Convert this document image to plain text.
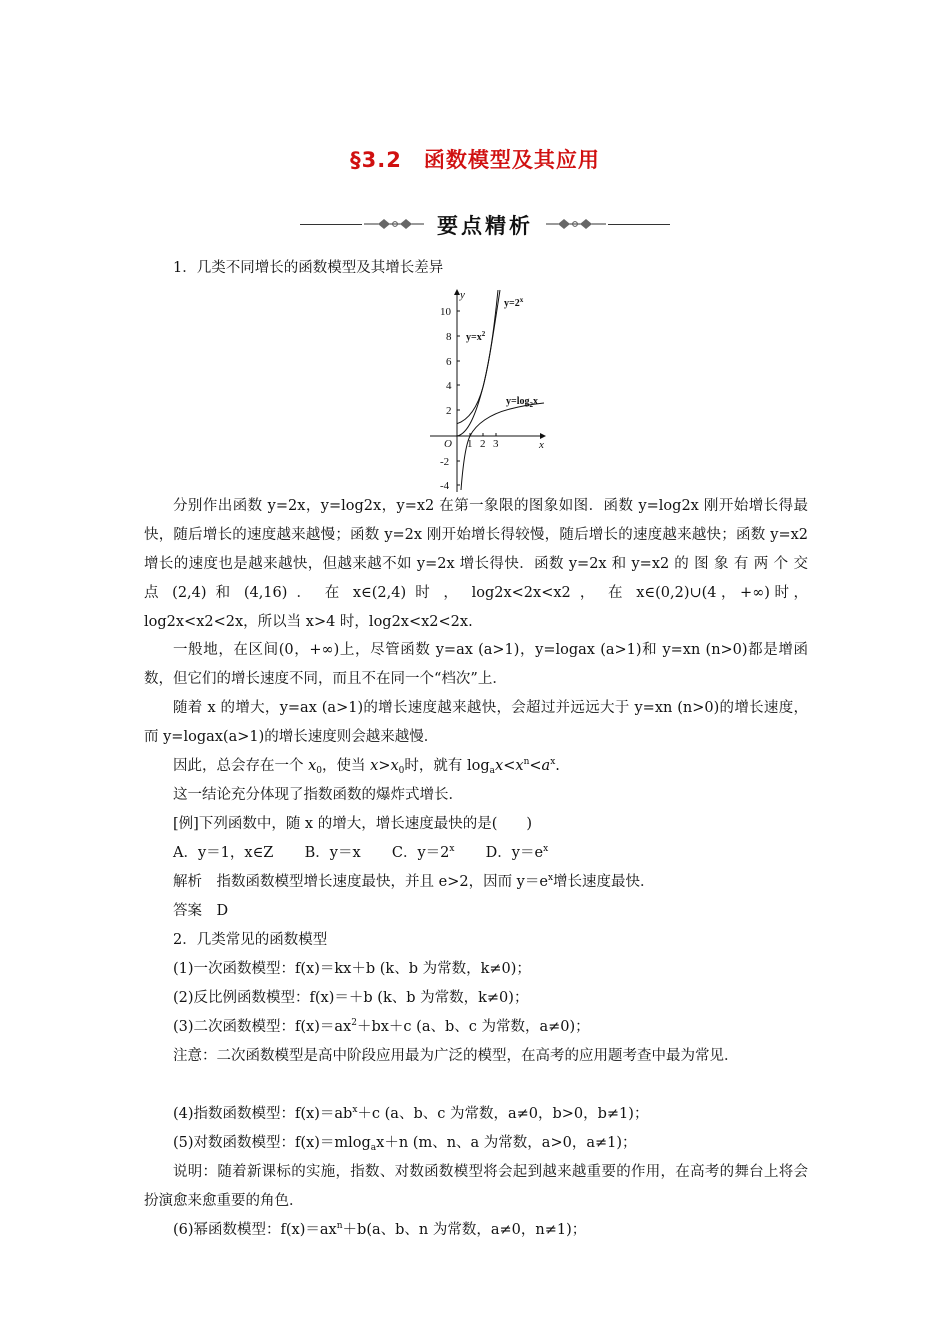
§3.2　函数模型及其应用
要点精析
1．几类不同增长的函数模型及其增长差异
y
x
O
10
8
6
4
2
-2
-4
1 2 3
$y=2^x$
$y=x^2$
$y=\log_2x$
分别作出函数 y=2x，y=log2x，y=x2 在第一象限的图象如图．函数 y=log2x 刚开始增长得最快，随后增长的速度越来越慢；函数 y=2x 刚开始增长得较慢，随后增长的速度越来越快；函数 y=x2 增长的速度也是越来越快，但越来越不如 y=2x 增长得快．函数 y=2x 和 y=x2 的 图 象 有 两 个 交 点 (2,4) 和 (4,16) ． 在 x∈(2,4) 时 ， log2x<2x<x2 ， 在 x∈(0,2)∪(4，+∞)时，log2x<x2<2x，所以当 x>4 时，log2x<x2<2x.
一般地，在区间(0，+∞)上，尽管函数 y=ax (a>1)，y=logax (a>1)和 y=xn (n>0)都是增函数，但它们的增长速度不同，而且不在同一个“档次”上．
随着 x 的增大，y=ax (a>1)的增长速度越来越快，会超过并远远大于 y=xn (n>0)的增长速度，而 y=logax(a>1)的增长速度则会越来越慢．
因此，总会存在一个 $x_0$，使当 $x>x_0$时，就有 $\log_ax<x^n<a^x$.
这一结论充分体现了指数函数的爆炸式增长．
[例]下列函数中，随 x 的增大，增长速度最快的是(　　)
A．y＝1，x∈Z B．y＝x C．$y=2^x$ D．$y=e^x$
解析　指数函数模型增长速度最快，并且 e>2，因而 $y=e^x$增长速度最快．
答案　D
2．几类常见的函数模型
(1)一次函数模型：f(x)＝kx＋b (k、b 为常数，k≠0)；
(2)反比例函数模型：f(x)＝＋b (k、b 为常数，k≠0)；
(3)二次函数模型：$f(x)=ax^2+bx+c$ (a、b、c 为常数，a≠0)；
注意：二次函数模型是高中阶段应用最为广泛的模型，在高考的应用题考查中最为常见．
(4)指数函数模型：$f(x)=ab^x+c$ (a、b、c 为常数，a≠0，b>0，b≠1)；
(5)对数函数模型：f(x)＝mlog$_a$x＋n (m、n、a 为常数，a>0，a≠1)；
说明：随着新课标的实施，指数、对数函数模型将会起到越来越重要的作用，在高考的舞台上将会扮演愈来愈重要的角色．
(6)幂函数模型：$f(x)=ax^n+b(a$、b、n 为常数，a≠0，n≠1)；
